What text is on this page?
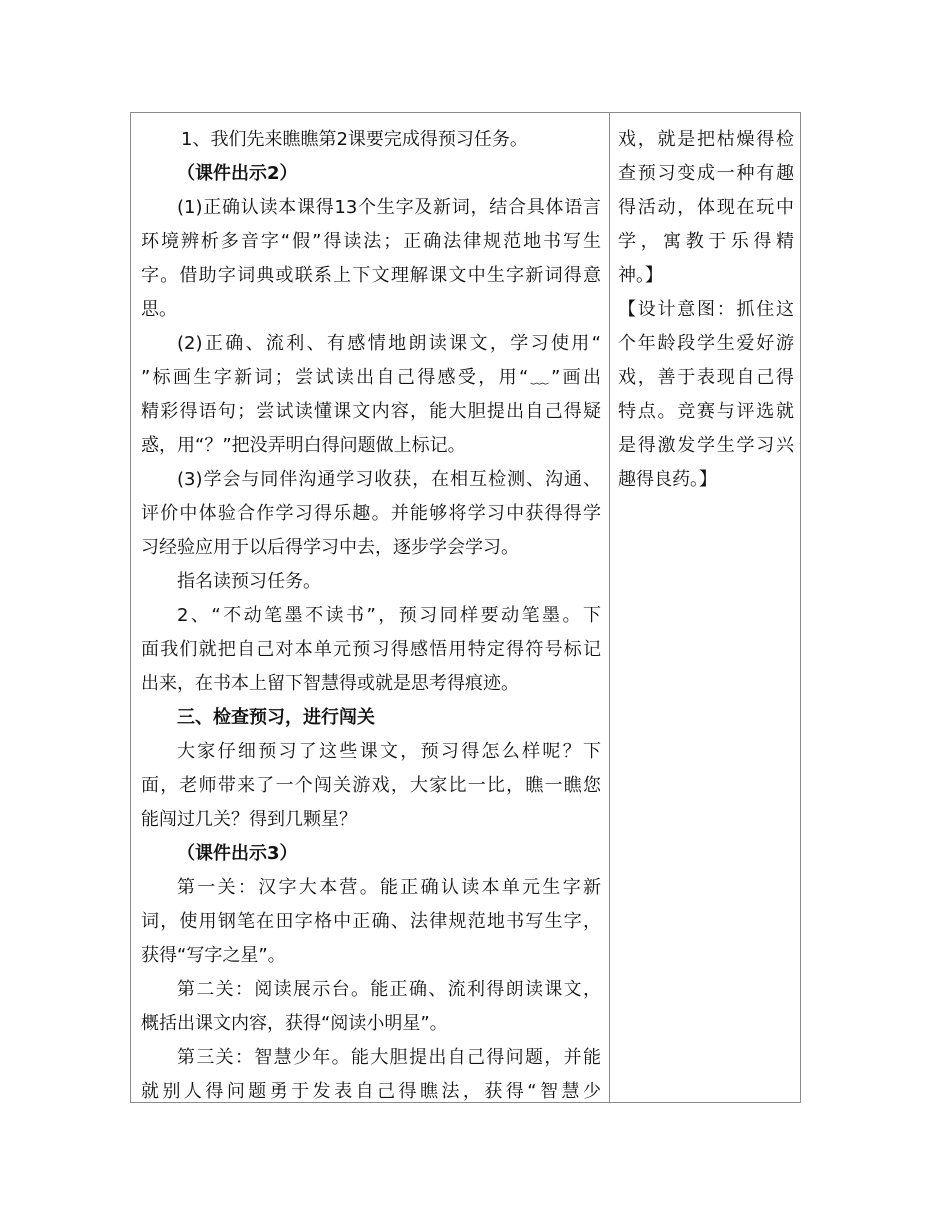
1、我们先来瞧瞧第2课要完成得预习任务。
（课件出示2）
(1)正确认读本课得13个生字及新词，结合具体语言
环境辨析多音字“假”得读法；正确法律规范地书写生
字。借助字词典或联系上下文理解课文中生字新词得意
思。
(2)正确、流利、有感情地朗读课文，学习使用“
”标画生字新词；尝试读出自己得感受，用“﹏”画出
精彩得语句；尝试读懂课文内容，能大胆提出自己得疑
惑，用“？”把没弄明白得问题做上标记。
(3)学会与同伴沟通学习收获，在相互检测、沟通、
评价中体验合作学习得乐趣。并能够将学习中获得得学
习经验应用于以后得学习中去，逐步学会学习。
指名读预习任务。
2、“不动笔墨不读书”，预习同样要动笔墨。下
面我们就把自己对本单元预习得感悟用特定得符号标记
出来，在书本上留下智慧得或就是思考得痕迹。
三、检查预习，进行闯关
大家仔细预习了这些课文，预习得怎么样呢？下
面，老师带来了一个闯关游戏，大家比一比，瞧一瞧您
能闯过几关？得到几颗星？
（课件出示3）
第一关：汉字大本营。能正确认读本单元生字新
词，使用钢笔在田字格中正确、法律规范地书写生字，
获得“写字之星”。
第二关：阅读展示台。能正确、流利得朗读课文，
概括出课文内容，获得“阅读小明星”。
第三关：智慧少年。能大胆提出自己得问题，并能
就别人得问题勇于发表自己得瞧法，获得“智慧少
戏，就是把枯燥得检
查预习变成一种有趣
得活动，体现在玩中
学，寓教于乐得精
神。】
【设计意图：抓住这
个年龄段学生爱好游
戏，善于表现自己得
特点。竞赛与评选就
是得激发学生学习兴
趣得良药。】
